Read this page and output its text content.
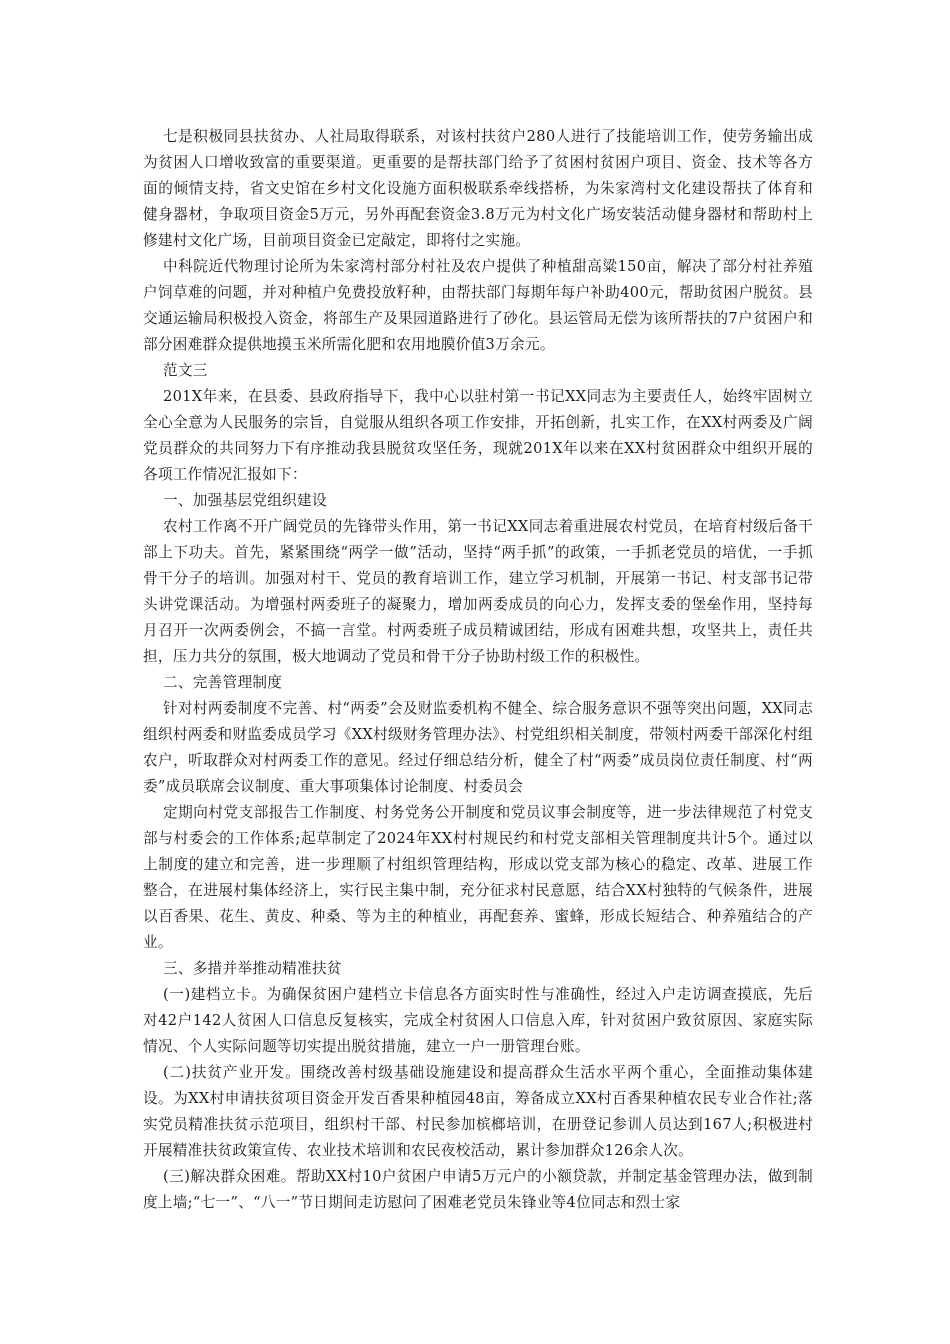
七是积极同县扶贫办、人社局取得联系，对该村扶贫户280人进行了技能培训工作，使劳务输出成为贫困人口增收致富的重要渠道。更重要的是帮扶部门给予了贫困村贫困户项目、资金、技术等各方面的倾情支持，省文史馆在乡村文化设施方面积极联系牵线搭桥，为朱家湾村文化建设帮扶了体育和健身器材，争取项目资金5万元，另外再配套资金3.8万元为村文化广场安装活动健身器材和帮助村上修建村文化广场，目前项目资金已定敲定，即将付之实施。

中科院近代物理讨论所为朱家湾村部分村社及农户提供了种植甜高粱150亩，解决了部分村社养殖户饲草难的问题，并对种植户免费投放籽种，由帮扶部门每期年每户补助400元，帮助贫困户脱贫。县交通运输局积极投入资金，将部生产及果园道路进行了砂化。县运管局无偿为该所帮扶的7户贫困户和部分困难群众提供地摸玉米所需化肥和农用地膜价值3万余元。

范文三

201X年来，在县委、县政府指导下，我中心以驻村第一书记XX同志为主要责任人，始终牢固树立全心全意为人民服务的宗旨，自觉服从组织各项工作安排，开拓创新，扎实工作，在XX村两委及广阔党员群众的共同努力下有序推动我县脱贫攻坚任务，现就201X年以来在XX村贫困群众中组织开展的各项工作情况汇报如下：

一、加强基层党组织建设

农村工作离不开广阔党员的先锋带头作用，第一书记XX同志着重进展农村党员，在培育村级后备干部上下功夫。首先，紧紧围绕“两学一做”活动，坚持“两手抓”的政策，一手抓老党员的培优，一手抓骨干分子的培训。加强对村干、党员的教育培训工作，建立学习机制，开展第一书记、村支部书记带头讲党课活动。为增强村两委班子的凝聚力，增加两委成员的向心力，发挥支委的堡垒作用，坚持每月召开一次两委例会，不搞一言堂。村两委班子成员精诚团结，形成有困难共想，攻坚共上，责任共担，压力共分的氛围，极大地调动了党员和骨干分子协助村级工作的积极性。

二、完善管理制度

针对村两委制度不完善、村“两委”会及财监委机构不健全、综合服务意识不强等突出问题，XX同志组织村两委和财监委成员学习《XX村级财务管理办法》、村党组织相关制度，带领村两委干部深化村组农户，听取群众对村两委工作的意见。经过仔细总结分析，健全了村“两委”成员岗位责任制度、村“两委”成员联席会议制度、重大事项集体讨论制度、村委员会

定期向村党支部报告工作制度、村务党务公开制度和党员议事会制度等，进一步法律规范了村党支部与村委会的工作体系;起草制定了2024年XX村村规民约和村党支部相关管理制度共计5个。通过以上制度的建立和完善，进一步理顺了村组织管理结构，形成以党支部为核心的稳定、改革、进展工作整合，在进展村集体经济上，实行民主集中制，充分征求村民意愿，结合XX村独特的气候条件，进展以百香果、花生、黄皮、种桑、等为主的种植业，再配套养、蜜蜂，形成长短结合、种养殖结合的产业。

三、多措并举推动精准扶贫

(一)建档立卡。为确保贫困户建档立卡信息各方面实时性与准确性，经过入户走访调查摸底，先后对42户142人贫困人口信息反复核实，完成全村贫困人口信息入库，针对贫困户致贫原因、家庭实际情况、个人实际问题等切实提出脱贫措施，建立一户一册管理台账。

(二)扶贫产业开发。围绕改善村级基础设施建设和提高群众生活水平两个重心，全面推动集体建设。为XX村申请扶贫项目资金开发百香果种植园48亩，筹备成立XX村百香果种植农民专业合作社;落实党员精准扶贫示范项目，组织村干部、村民参加槟榔培训，在册登记参训人员达到167人;积极进村开展精准扶贫政策宣传、农业技术培训和农民夜校活动，累计参加群众126余人次。

(三)解决群众困难。帮助XX村10户贫困户申请5万元户的小额贷款，并制定基金管理办法，做到制度上墙;“七一”、“八一”节日期间走访慰问了困难老党员朱锋业等4位同志和烈士家
